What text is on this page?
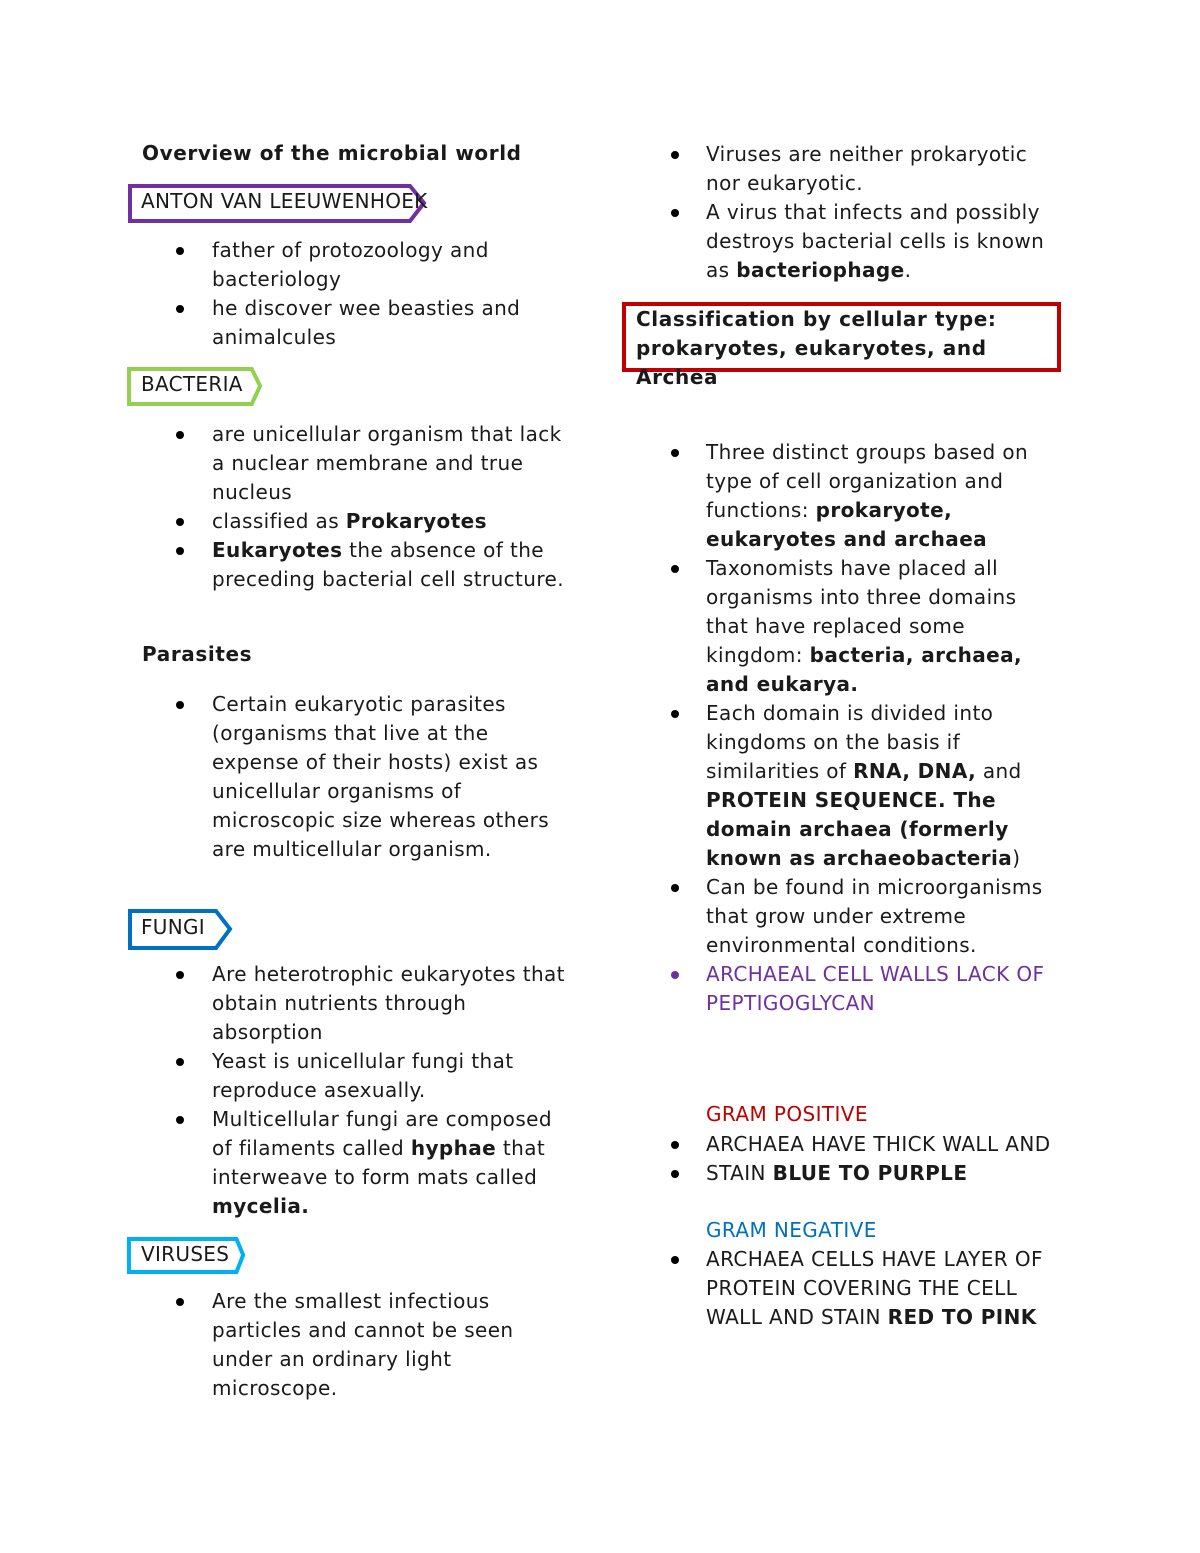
Overview of the microbial world
ANTON VAN LEEUWENHOEK
father of protozoology and bacteriology
he discover wee beasties and animalcules
BACTERIA
are unicellular organism that lack a nuclear membrane and true nucleus
classified as Prokaryotes
Eukaryotes the absence of the preceding bacterial cell structure.
Parasites
Certain eukaryotic parasites (organisms that live at the expense of their hosts) exist as unicellular organisms of microscopic size whereas others are multicellular organism.
FUNGI
Are heterotrophic eukaryotes that obtain nutrients through absorption
Yeast is unicellular fungi that reproduce asexually.
Multicellular fungi are composed of filaments called hyphae that interweave to form mats called mycelia.
VIRUSES
Are the smallest infectious particles and cannot be seen under an ordinary light microscope.
Viruses are neither prokaryotic nor eukaryotic.
A virus that infects and possibly destroys bacterial cells is known as bacteriophage.
Classification by cellular type: prokaryotes, eukaryotes, and Archea
Three distinct groups based on type of cell organization and functions: prokaryote, eukaryotes and archaea
Taxonomists have placed all organisms into three domains that have replaced some kingdom: bacteria, archaea, and eukarya.
Each domain is divided into kingdoms on the basis if similarities of RNA, DNA, and PROTEIN SEQUENCE. The domain archaea (formerly known as archaeobacteria)
Can be found in microorganisms that grow under extreme environmental conditions.
ARCHAEAL CELL WALLS LACK OF PEPTIGOGLYCAN
GRAM POSITIVE
ARCHAEA HAVE THICK WALL AND
STAIN BLUE TO PURPLE
GRAM NEGATIVE
ARCHAEA CELLS HAVE LAYER OF PROTEIN COVERING THE CELL WALL AND STAIN RED TO PINK
